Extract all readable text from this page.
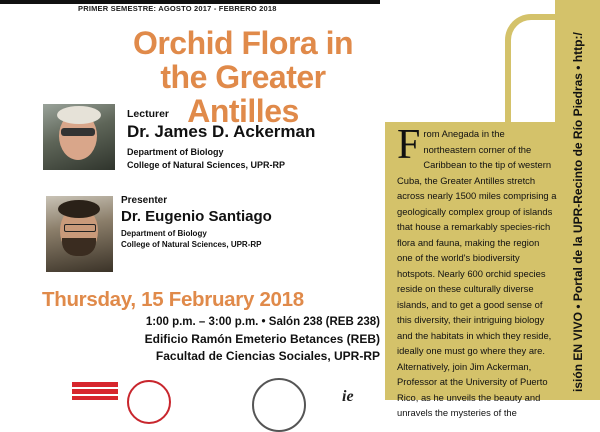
PRIMER SEMESTRE: AGOSTO 2017 - FEBRERO 2018
Orchid Flora in
the Greater Antilles
Lecturer
Dr. James D. Ackerman
Department of Biology
College of Natural Sciences, UPR-RP
Presenter
Dr. Eugenio Santiago
Department of Biology
College of Natural Sciences, UPR-RP
Thursday, 15 February 2018
1:00 p.m. – 3:00 p.m. • Salón 238 (REB 238)
Edificio Ramón Emeterio Betances (REB)
Facultad de Ciencias Sociales, UPR-RP
ie
From Anegada in the northeastern corner of the Caribbean to the tip of western Cuba, the Greater Antilles stretch across nearly 1500 miles comprising a geologically complex group of islands that house a remarkably species-rich flora and fauna, making the region one of the world's biodiversity hotspots. Nearly 600 orchid species reside on these culturally diverse islands, and to get a good sense of this diversity, their intriguing biology and the habitats in which they reside, ideally one must go where they are. Alternatively, join Jim Ackerman, Professor at the University of Puerto Rico, as he unveils the beauty and unravels the mysteries of the
isión EN VIVO • Portal de la UPR-Recinto de Río Piedras • http:/
